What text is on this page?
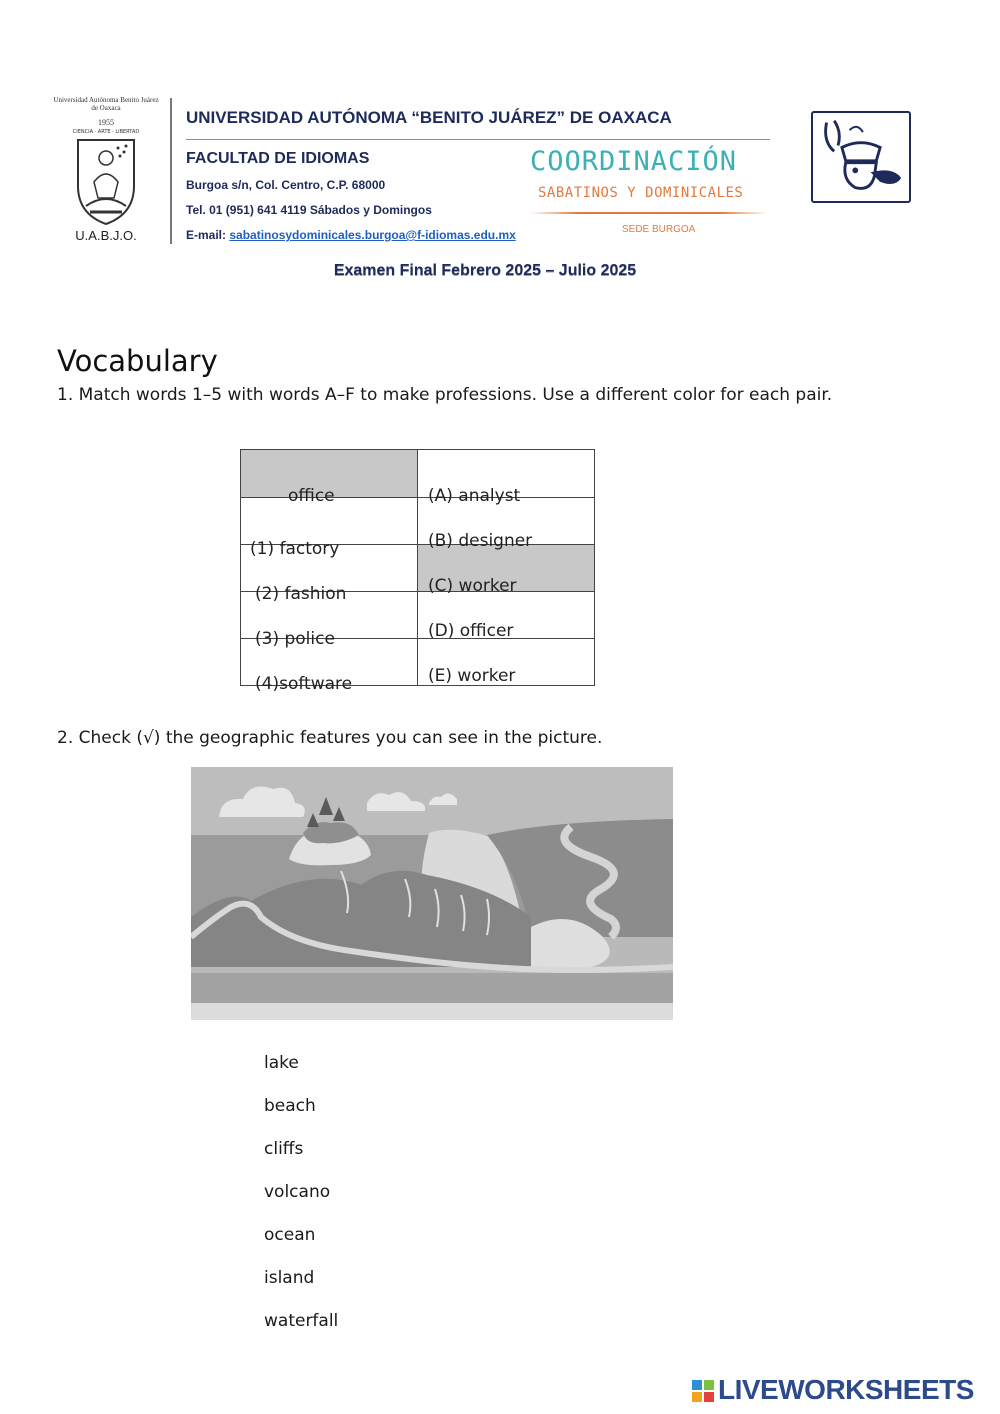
Universidad Autónoma Benito Juárez de Oaxaca
1955
CIENCIA · ARTE · LIBERTAD
U.A.B.J.O.
UNIVERSIDAD AUTÓNOMA “BENITO JUÁREZ” DE OAXACA
FACULTAD DE IDIOMAS
Burgoa s/n, Col. Centro, C.P. 68000
Tel. 01 (951) 641 4119 Sábados y Domingos
E-mail: sabatinosydominicales.burgoa@f-idiomas.edu.mx
COORDINACIÓN
SABATINOS Y DOMINICALES
SEDE BURGOA
Examen Final Febrero 2025 – Julio 2025
Vocabulary
1. Match words 1–5 with words A–F to make professions. Use a different color for each pair.
office	(A) analyst

(1) factory	(B) designer

(2) fashion	(C) worker

(3) police	(D) officer

(4)software	(E) worker
2. Check (√) the geographic features you can see in the picture.
lake
beach
cliffs
volcano
ocean
island
waterfall
LIVEWORKSHEETS
